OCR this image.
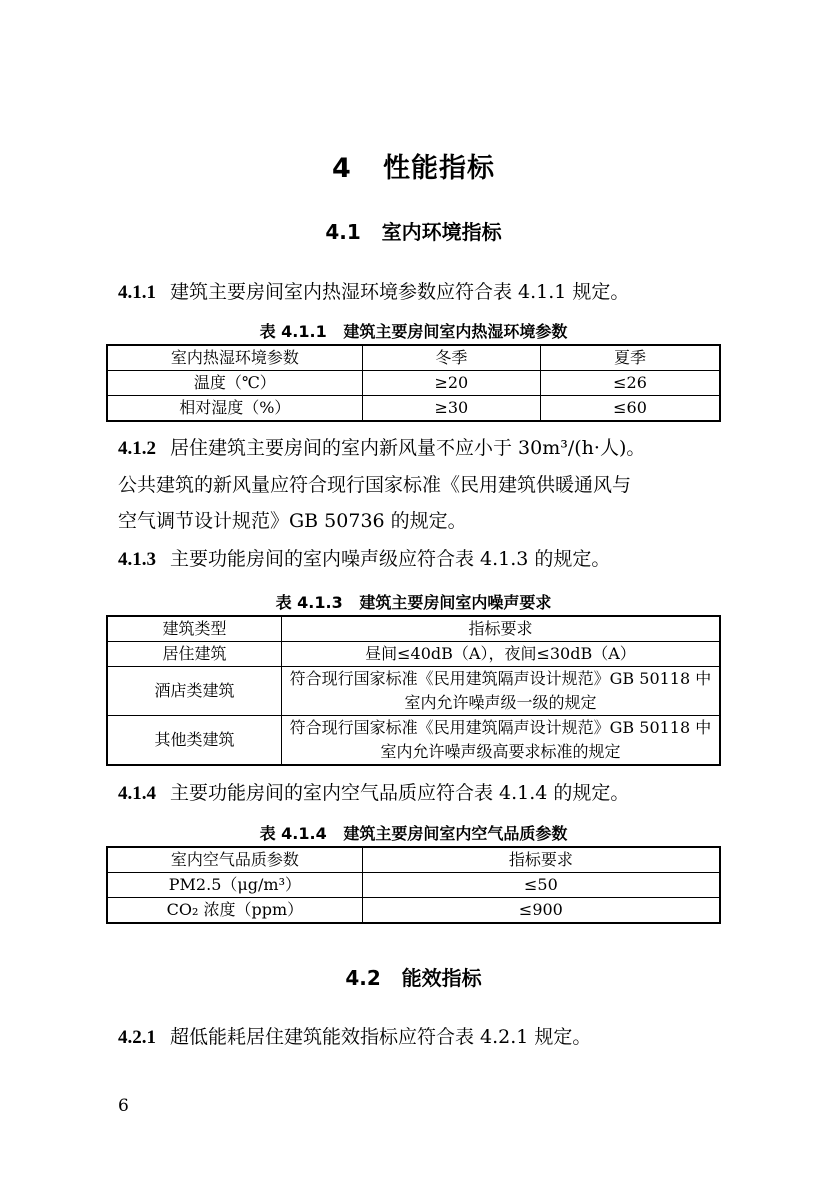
4   性能指标
4.1   室内环境指标
4.1.1 建筑主要房间室内热湿环境参数应符合表 4.1.1 规定。
表 4.1.1   建筑主要房间室内热湿环境参数
室内热湿环境参数	冬季	夏季
温度（℃）	≥20	≤26
相对湿度（%）	≥30	≤60
4.1.2 居住建筑主要房间的室内新风量不应小于 30m³/(h·人)。
公共建筑的新风量应符合现行国家标准《民用建筑供暖通风与
空气调节设计规范》GB 50736 的规定。
4.1.3 主要功能房间的室内噪声级应符合表 4.1.3 的规定。
表 4.1.3   建筑主要房间室内噪声要求
建筑类型	指标要求
居住建筑	昼间≤40dB（A），夜间≤30dB（A）
酒店类建筑	符合现行国家标准《民用建筑隔声设计规范》GB 50118 中室内允许噪声级一级的规定
其他类建筑	符合现行国家标准《民用建筑隔声设计规范》GB 50118 中室内允许噪声级高要求标准的规定
4.1.4 主要功能房间的室内空气品质应符合表 4.1.4 的规定。
表 4.1.4   建筑主要房间室内空气品质参数
室内空气品质参数	指标要求
PM2.5（μg/m³）	≤50
CO₂ 浓度（ppm）	≤900
4.2   能效指标
4.2.1 超低能耗居住建筑能效指标应符合表 4.2.1 规定。
6
